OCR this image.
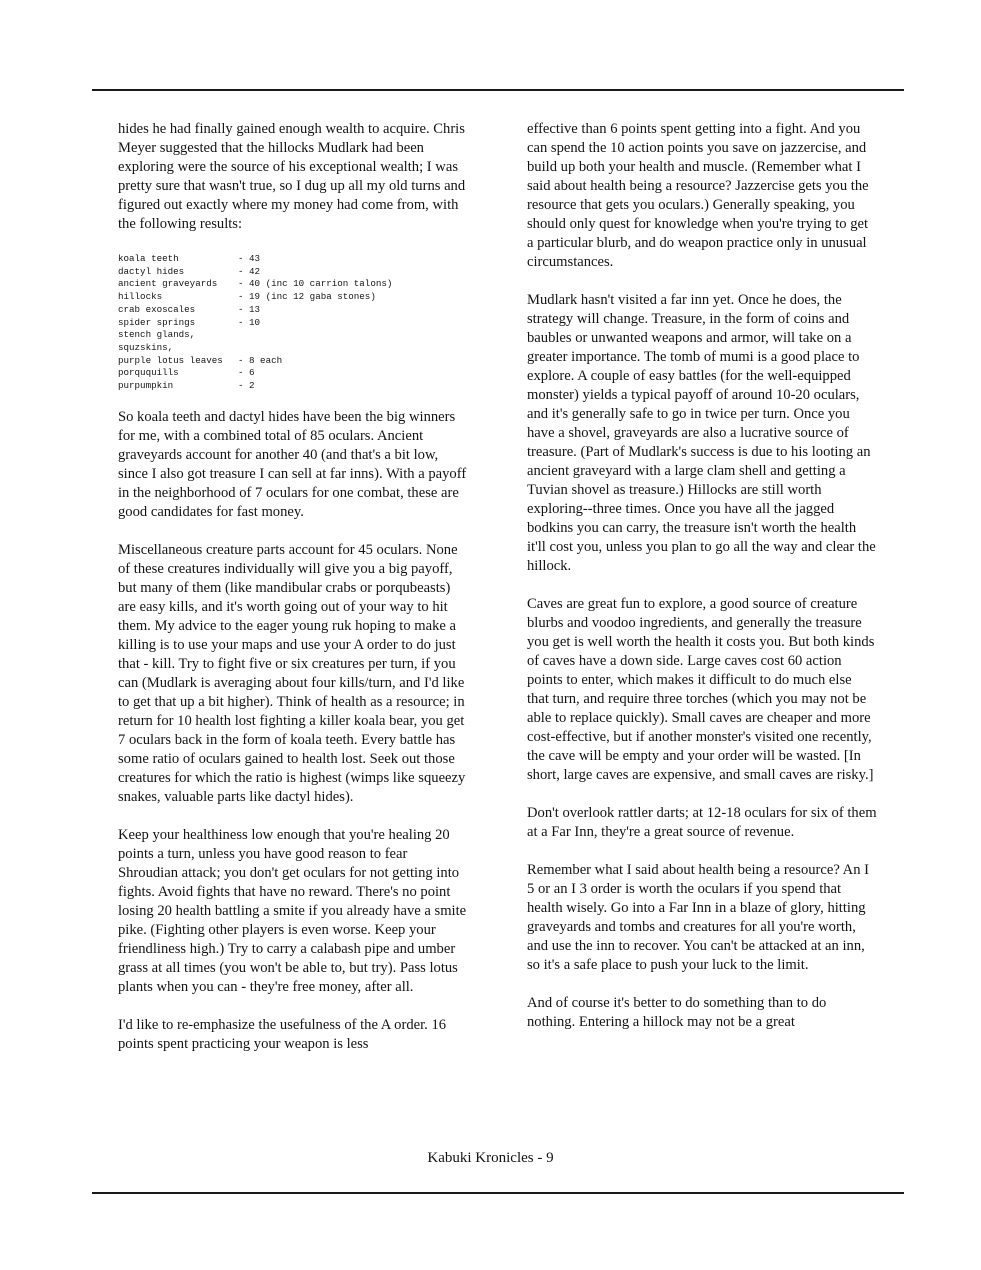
hides he had finally gained enough wealth to acquire. Chris Meyer suggested that the hillocks Mudlark had been exploring were the source of his exceptional wealth; I was pretty sure that wasn't true, so I dug up all my old turns and figured out exactly where my money had come from, with the following results:

koala teeth	- 43
dactyl hides	- 42
ancient graveyards	- 40 (inc 10 carrion talons)
hillocks	- 19 (inc 12 gaba stones)
crab exoscales	- 13
spider springs	- 10
stench glands,	
squzskins,	
purple lotus leaves	- 8 each
porququills	- 6
purpumpkin	- 2

So koala teeth and dactyl hides have been the big winners for me, with a combined total of 85 oculars. Ancient graveyards account for another 40 (and that's a bit low, since I also got treasure I can sell at far inns). With a payoff in the neighborhood of 7 oculars for one combat, these are good candidates for fast money.

Miscellaneous creature parts account for 45 oculars. None of these creatures individually will give you a big payoff, but many of them (like mandibular crabs or porqubeasts) are easy kills, and it's worth going out of your way to hit them. My advice to the eager young ruk hoping to make a killing is to use your maps and use your A order to do just that - kill. Try to fight five or six creatures per turn, if you can (Mudlark is averaging about four kills/turn, and I'd like to get that up a bit higher). Think of health as a resource; in return for 10 health lost fighting a killer koala bear, you get 7 oculars back in the form of koala teeth. Every battle has some ratio of oculars gained to health lost. Seek out those creatures for which the ratio is highest (wimps like squeezy snakes, valuable parts like dactyl hides).

Keep your healthiness low enough that you're healing 20 points a turn, unless you have good reason to fear Shroudian attack; you don't get oculars for not getting into fights. Avoid fights that have no reward. There's no point losing 20 health battling a smite if you already have a smite pike. (Fighting other players is even worse. Keep your friendliness high.) Try to carry a calabash pipe and umber grass at all times (you won't be able to, but try). Pass lotus plants when you can - they're free money, after all.

I'd like to re-emphasize the usefulness of the A order. 16 points spent practicing your weapon is less

effective than 6 points spent getting into a fight. And you can spend the 10 action points you save on jazzercise, and build up both your health and muscle. (Remember what I said about health being a resource? Jazzercise gets you the resource that gets you oculars.) Generally speaking, you should only quest for knowledge when you're trying to get a particular blurb, and do weapon practice only in unusual circumstances.

Mudlark hasn't visited a far inn yet. Once he does, the strategy will change. Treasure, in the form of coins and baubles or unwanted weapons and armor, will take on a greater importance. The tomb of mumi is a good place to explore. A couple of easy battles (for the well-equipped monster) yields a typical payoff of around 10-20 oculars, and it's generally safe to go in twice per turn. Once you have a shovel, graveyards are also a lucrative source of treasure. (Part of Mudlark's success is due to his looting an ancient graveyard with a large clam shell and getting a Tuvian shovel as treasure.) Hillocks are still worth exploring--three times. Once you have all the jagged bodkins you can carry, the treasure isn't worth the health it'll cost you, unless you plan to go all the way and clear the hillock.

Caves are great fun to explore, a good source of creature blurbs and voodoo ingredients, and generally the treasure you get is well worth the health it costs you. But both kinds of caves have a down side. Large caves cost 60 action points to enter, which makes it difficult to do much else that turn, and require three torches (which you may not be able to replace quickly). Small caves are cheaper and more cost-effective, but if another monster's visited one recently, the cave will be empty and your order will be wasted. [In short, large caves are expensive, and small caves are risky.]

Don't overlook rattler darts; at 12-18 oculars for six of them at a Far Inn, they're a great source of revenue.

Remember what I said about health being a resource? An I 5 or an I 3 order is worth the oculars if you spend that health wisely. Go into a Far Inn in a blaze of glory, hitting graveyards and tombs and creatures for all you're worth, and use the inn to recover. You can't be attacked at an inn, so it's a safe place to push your luck to the limit.

And of course it's better to do something than to do nothing. Entering a hillock may not be a great

Kabuki Kronicles - 9
